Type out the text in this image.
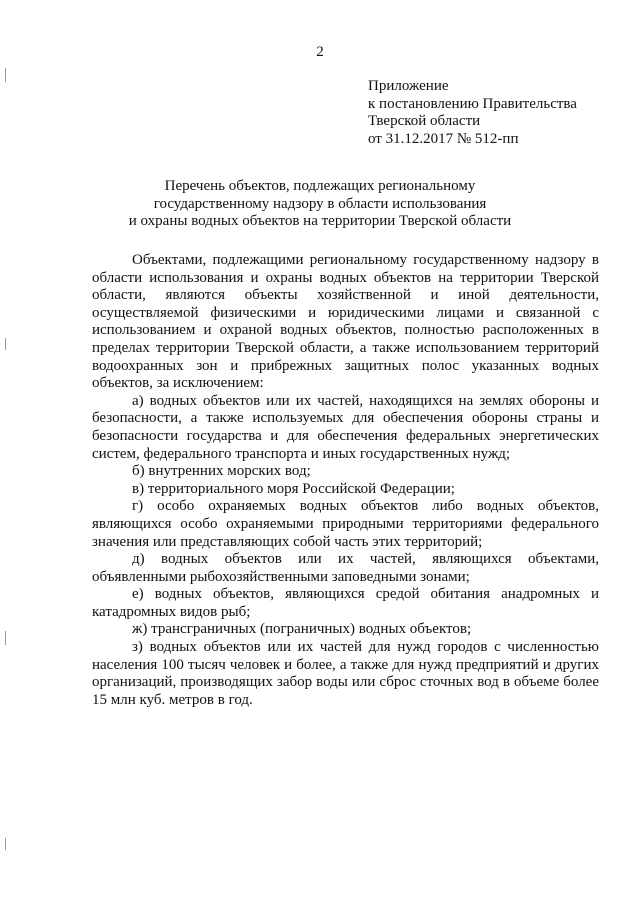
2
Приложение
к постановлению Правительства
Тверской области
от 31.12.2017 № 512-пп
Перечень объектов, подлежащих региональному
государственному надзору в области использования
и охраны водных объектов на территории Тверской области

Объектами, подлежащими региональному государственному надзору в области использования и охраны водных объектов на территории Тверской области, являются объекты хозяйственной и иной деятельности, осуществляемой физическими и юридическими лицами и связанной с использованием и охраной водных объектов, полностью расположенных в пределах территории Тверской области, а также использованием территорий водоохранных зон и прибрежных защитных полос указанных водных объектов, за исключением:

а) водных объектов или их частей, находящихся на землях обороны и безопасности, а также используемых для обеспечения обороны страны и безопасности государства и для обеспечения федеральных энергетических систем, федерального транспорта и иных государственных нужд;

б) внутренних морских вод;

в) территориального моря Российской Федерации;

г) особо охраняемых водных объектов либо водных объектов, являющихся особо охраняемыми природными территориями федерального значения или представляющих собой часть этих территорий;

д) водных объектов или их частей, являющихся объектами, объявленными рыбохозяйственными заповедными зонами;

е) водных объектов, являющихся средой обитания анадромных и катадромных видов рыб;

ж) трансграничных (пограничных) водных объектов;

з) водных объектов или их частей для нужд городов с численностью населения 100 тысяч человек и более, а также для нужд предприятий и других организаций, производящих забор воды или сброс сточных вод в объеме более 15 млн куб. метров в год.
